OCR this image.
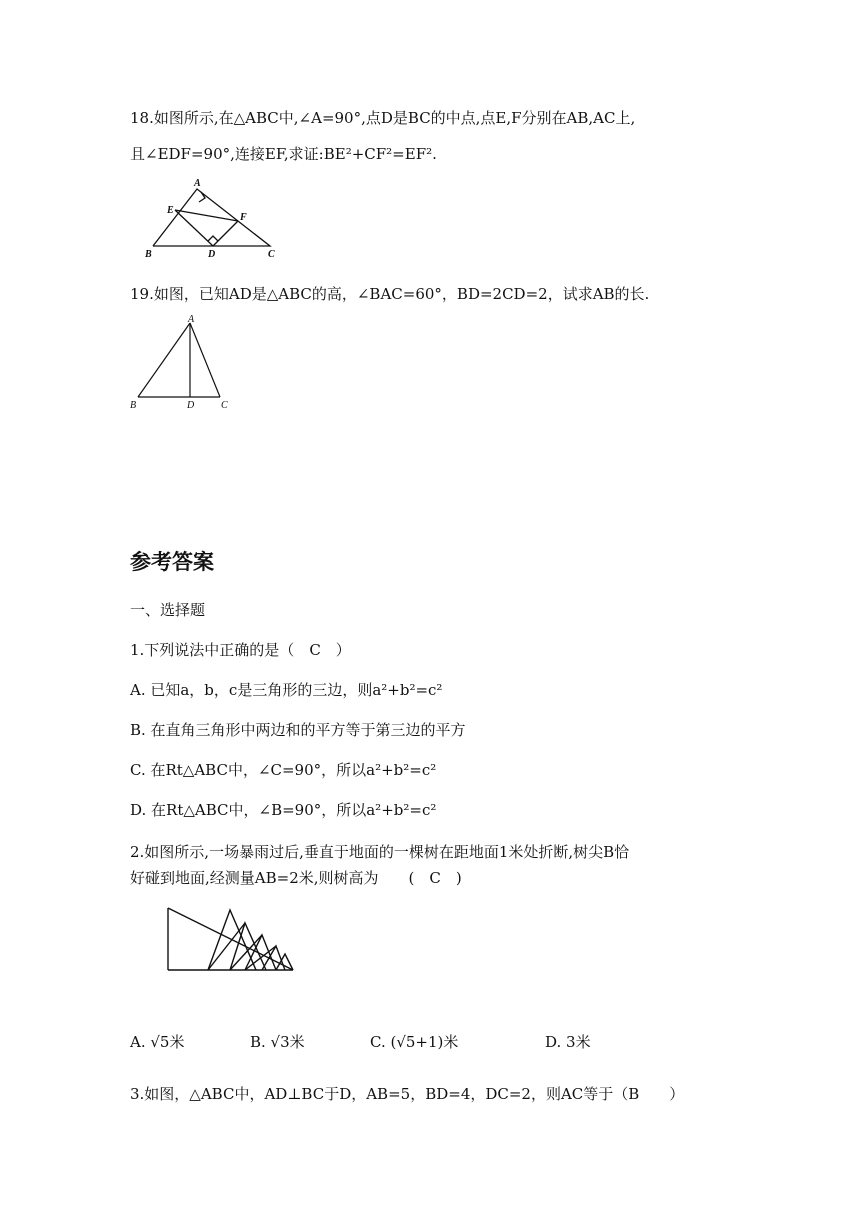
18.如图所示,在△ABC中,∠A=90°,点D是BC的中点,点E,F分别在AB,AC上,
且∠EDF=90°,连接EF,求证:BE²+CF²=EF².
A
B	C
D
E
F
19.如图，已知AD是△ABC的高，∠BAC=60°，BD=2CD=2，试求AB的长.
A
B	D	C
参考答案
一、选择题
1.下列说法中正确的是（　C　）
A. 已知a，b，c是三角形的三边，则a²+b²=c²
B. 在直角三角形中两边和的平方等于第三边的平方
C. 在Rt△ABC中，∠C=90°，所以a²+b²=c²
D. 在Rt△ABC中，∠B=90°，所以a²+b²=c²
2.如图所示,一场暴雨过后,垂直于地面的一棵树在距地面1米处折断,树尖B恰
好碰到地面,经测量AB=2米,则树高为　　(　C　)
A. √5米	B. √3米	C. (√5+1)米	D. 3米
3.如图，△ABC中，AD⊥BC于D，AB=5，BD=4，DC=2，则AC等于（B　　）
